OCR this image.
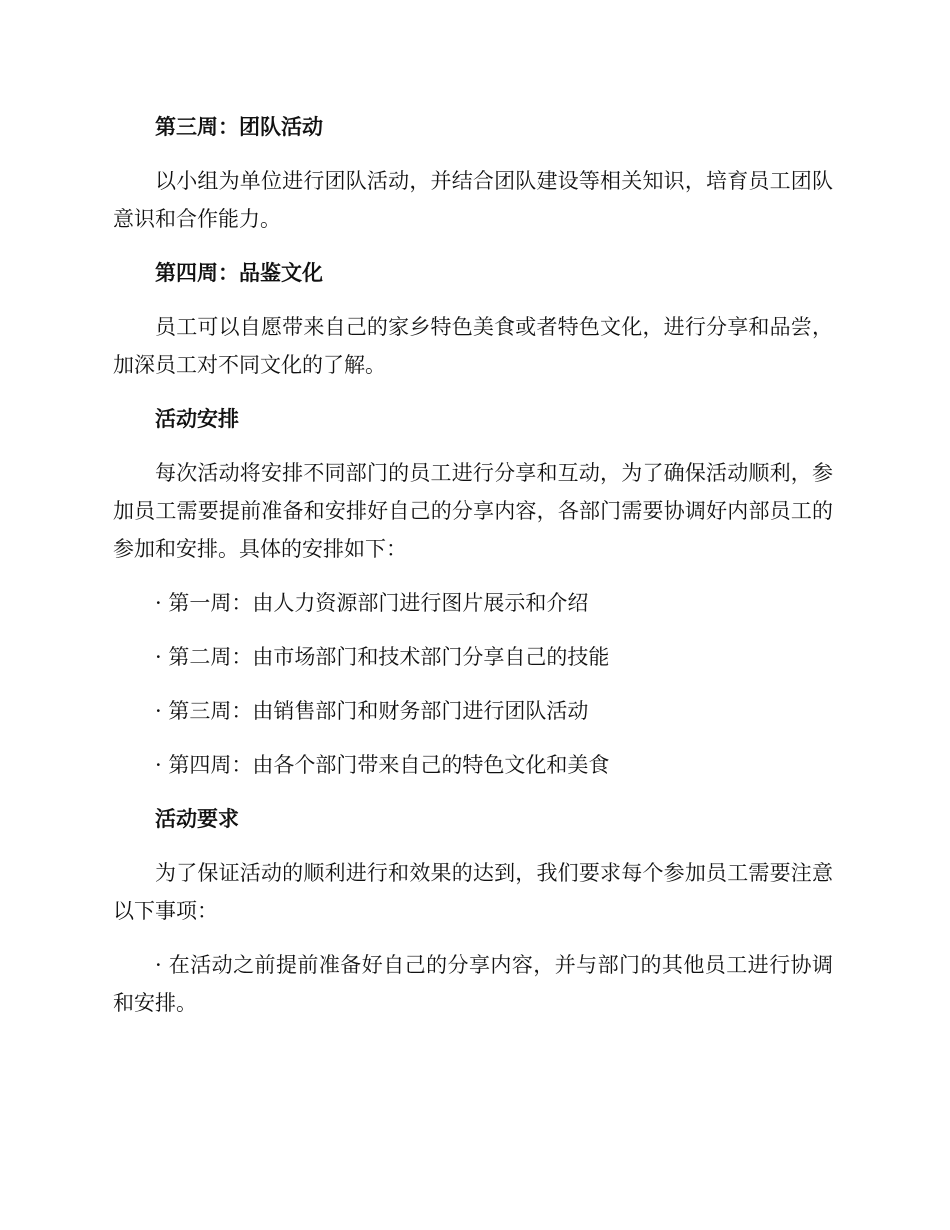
第三周：团队活动

以小组为单位进行团队活动，并结合团队建设等相关知识，培育员工团队意识和合作能力。

第四周：品鉴文化

员工可以自愿带来自己的家乡特色美食或者特色文化，进行分享和品尝，加深员工对不同文化的了解。

活动安排

每次活动将安排不同部门的员工进行分享和互动，为了确保活动顺利，参加员工需要提前准备和安排好自己的分享内容，各部门需要协调好内部员工的参加和安排。具体的安排如下：

· 第一周：由人力资源部门进行图片展示和介绍

· 第二周：由市场部门和技术部门分享自己的技能

· 第三周：由销售部门和财务部门进行团队活动

· 第四周：由各个部门带来自己的特色文化和美食

活动要求

为了保证活动的顺利进行和效果的达到，我们要求每个参加员工需要注意以下事项：

· 在活动之前提前准备好自己的分享内容，并与部门的其他员工进行协调和安排。
